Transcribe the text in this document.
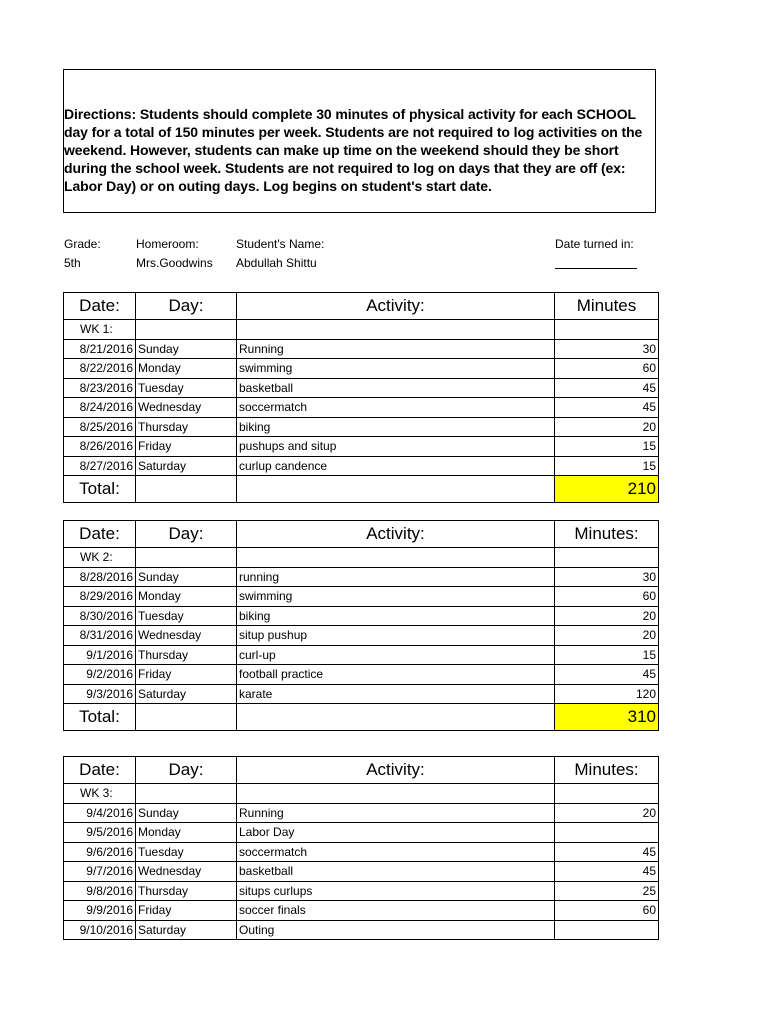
Directions: Students should complete 30 minutes of physical activity for each SCHOOL day for a total of 150 minutes per week. Students are not required to log activities on the weekend. However, students can make up time on the weekend should they be short during the school week. Students are not required to log on days that they are off (ex: Labor Day) or on outing days. Log begins on student's start date.
Grade:
5th
Homeroom:
Mrs.Goodwins
Student's Name:
Abdullah Shittu
Date turned in:
Date:	Day:	Activity:	Minutes
WK 1:			
8/21/2016	Sunday	Running	30
8/22/2016	Monday	swimming	60
8/23/2016	Tuesday	basketball	45
8/24/2016	Wednesday	soccermatch	45
8/25/2016	Thursday	biking	20
8/26/2016	Friday	pushups and situp	15
8/27/2016	Saturday	curlup candence	15
Total:			210
Date:	Day:	Activity:	Minutes:
WK 2:			
8/28/2016	Sunday	running	30
8/29/2016	Monday	swimming	60
8/30/2016	Tuesday	biking	20
8/31/2016	Wednesday	situp pushup	20
9/1/2016	Thursday	curl-up	15
9/2/2016	Friday	football practice	45
9/3/2016	Saturday	karate	120
Total:			310
Date:	Day:	Activity:	Minutes:
WK 3:			
9/4/2016	Sunday	Running	20
9/5/2016	Monday	Labor Day	
9/6/2016	Tuesday	soccermatch	45
9/7/2016	Wednesday	basketball	45
9/8/2016	Thursday	situps curlups	25
9/9/2016	Friday	soccer finals	60
9/10/2016	Saturday	Outing	
